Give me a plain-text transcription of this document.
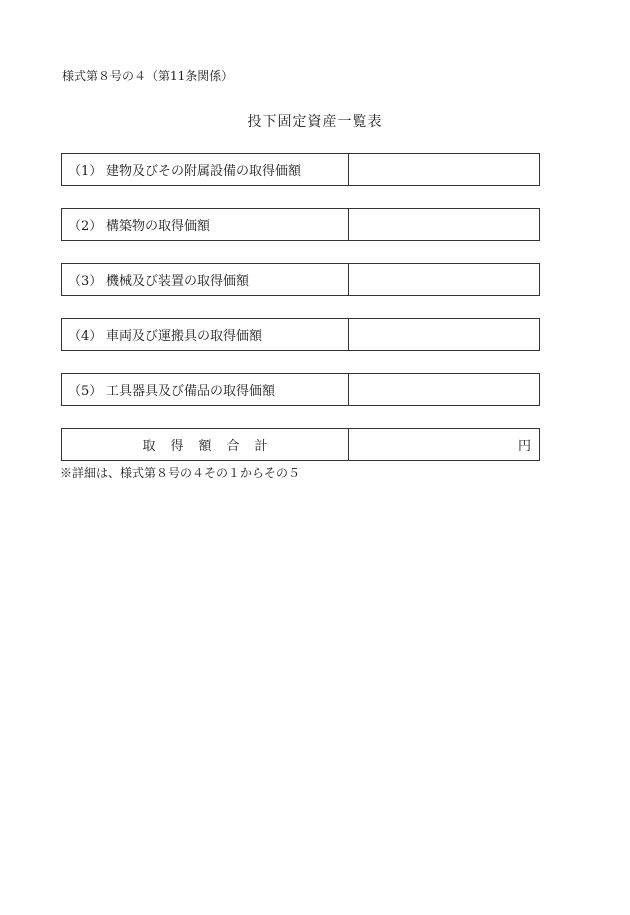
様式第８号の４（第11条関係）
投下固定資産一覧表
（1） 建物及びその附属設備の取得価額
（2） 構築物の取得価額
（3） 機械及び装置の取得価額
（4） 車両及び運搬具の取得価額
（5） 工具器具及び備品の取得価額
取得額合計	円
※詳細は、様式第８号の４その１からその５
